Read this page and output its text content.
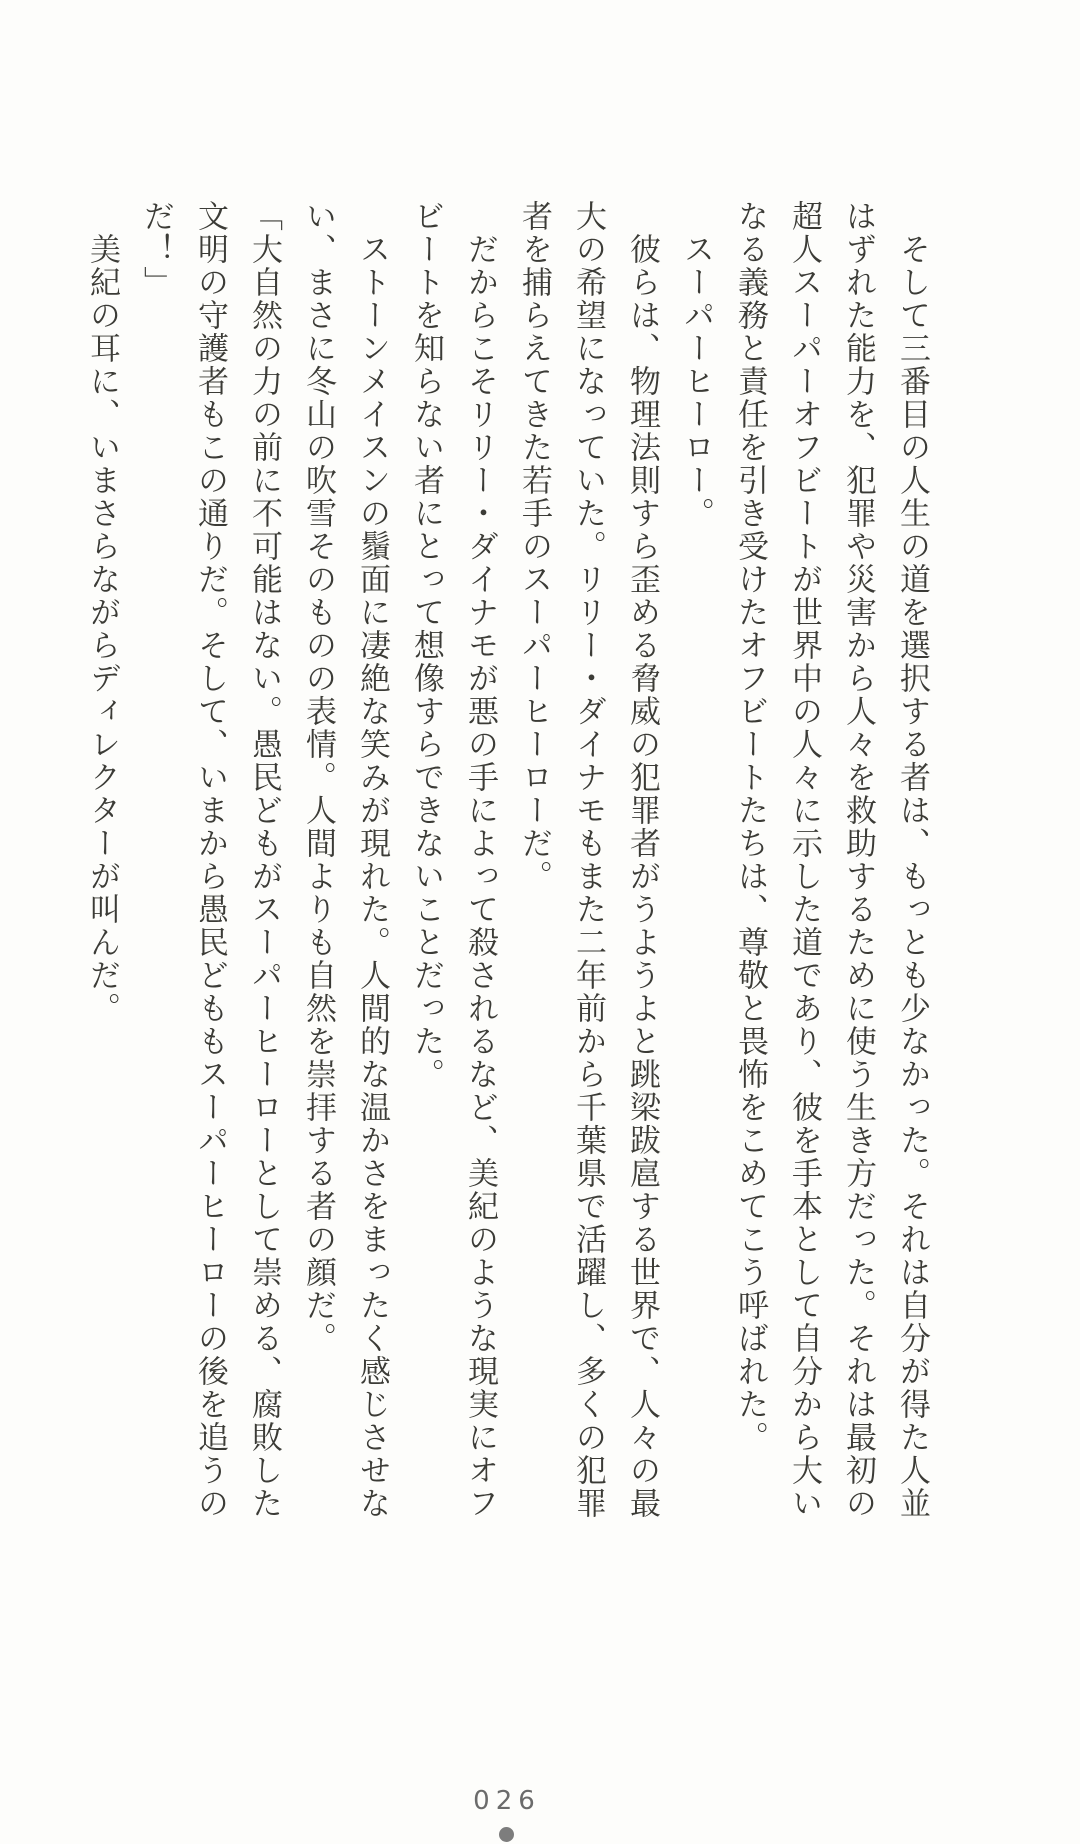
そして三番目の人生の道を選択する者は、もっとも少なかった。それは自分が得た人並
はずれた能力を、犯罪や災害から人々を救助するために使う生き方だった。それは最初の
超人スーパーオフビートが世界中の人々に示した道であり、彼を手本として自分から大い
なる義務と責任を引き受けたオフビートたちは、尊敬と畏怖をこめてこう呼ばれた。
スーパーヒーロー。
彼らは、物理法則すら歪める脅威の犯罪者がうようよと跳梁跋扈する世界で、人々の最
大の希望になっていた。リリー・ダイナモもまた二年前から千葉県で活躍し、多くの犯罪
者を捕らえてきた若手のスーパーヒーローだ。
だからこそリリー・ダイナモが悪の手によって殺されるなど、美紀のような現実にオフ
ビートを知らない者にとって想像すらできないことだった。
ストーンメイスンの鬚面に凄絶な笑みが現れた。人間的な温かさをまったく感じさせな
い、まさに冬山の吹雪そのものの表情。人間よりも自然を崇拝する者の顔だ。
「大自然の力の前に不可能はない。愚民どもがスーパーヒーローとして崇める、腐敗した
文明の守護者もこの通りだ。そして、いまから愚民どももスーパーヒーローの後を追うの
だ！」
美紀の耳に、いまさらながらディレクターが叫んだ。
026
